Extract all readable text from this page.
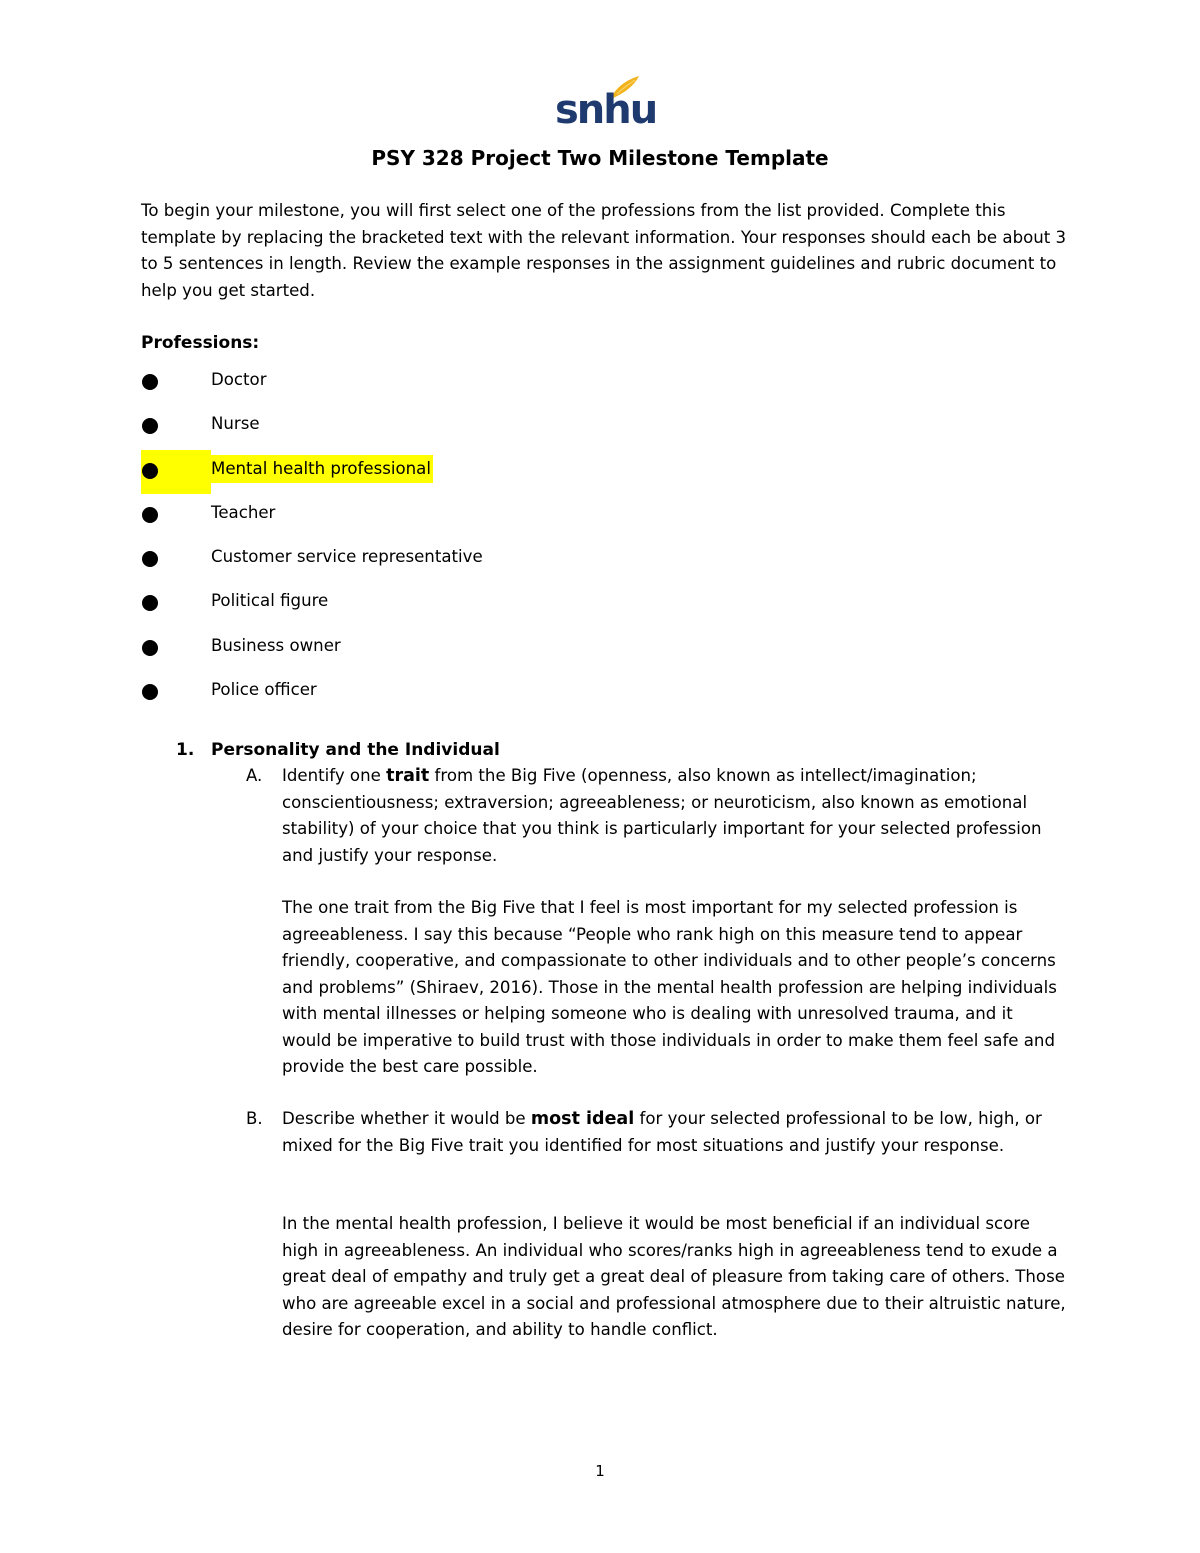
snhu
PSY 328 Project Two Milestone Template

To begin your milestone, you will first select one of the professions from the list provided. Complete this template by replacing the bracketed text with the relevant information. Your responses should each be about 3 to 5 sentences in length. Review the example responses in the assignment guidelines and rubric document to help you get started.

Professions:
Doctor
Nurse
Mental health professional
Teacher
Customer service representative
Political figure
Business owner
Police officer
1. Personality and the Individual
A. Identify one trait from the Big Five (openness, also known as intellect/imagination; conscientiousness; extraversion; agreeableness; or neuroticism, also known as emotional stability) of your choice that you think is particularly important for your selected profession and justify your response.

The one trait from the Big Five that I feel is most important for my selected profession is agreeableness. I say this because “People who rank high on this measure tend to appear friendly, cooperative, and compassionate to other individuals and to other people’s concerns and problems” (Shiraev, 2016). Those in the mental health profession are helping individuals with mental illnesses or helping someone who is dealing with unresolved trauma, and it would be imperative to build trust with those individuals in order to make them feel safe and provide the best care possible.

B. Describe whether it would be most ideal for your selected professional to be low, high, or mixed for the Big Five trait you identified for most situations and justify your response.

In the mental health profession, I believe it would be most beneficial if an individual score high in agreeableness. An individual who scores/ranks high in agreeableness tend to exude a great deal of empathy and truly get a great deal of pleasure from taking care of others. Those who are agreeable excel in a social and professional atmosphere due to their altruistic nature, desire for cooperation, and ability to handle conflict.

1
